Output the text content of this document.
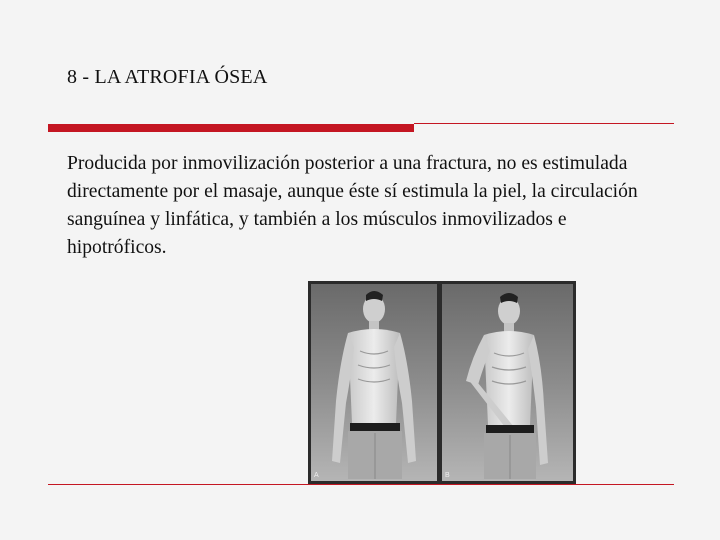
8 - LA ATROFIA ÓSEA
Producida por inmovilización posterior a una fractura, no es estimulada directamente por el masaje, aunque éste sí estimula la piel, la circulación sanguínea y linfática, y también a los músculos inmovilizados e hipotróficos.
A	B
